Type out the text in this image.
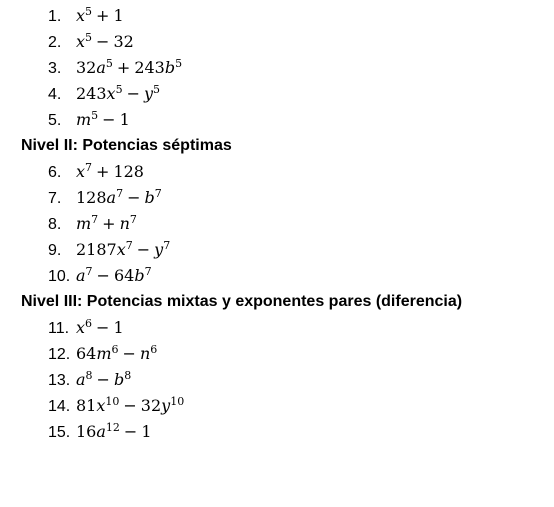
1. $x^5 + 1$
2. $x^5 - 32$
3. $32a^5 + 243b^5$
4. $243x^5 - y^5$
5. $m^5 - 1$
Nivel II: Potencias séptimas
6. $x^7 + 128$
7. $128a^7 - b^7$
8. $m^7 + n^7$
9. $2187x^7 - y^7$
10. $a^7 - 64b^7$
Nivel III: Potencias mixtas y exponentes pares (diferencia)
11. $x^6 - 1$
12. $64m^6 - n^6$
13. $a^8 - b^8$
14. $81x^{10} - 32y^{10}$
15. $16a^{12} - 1$
